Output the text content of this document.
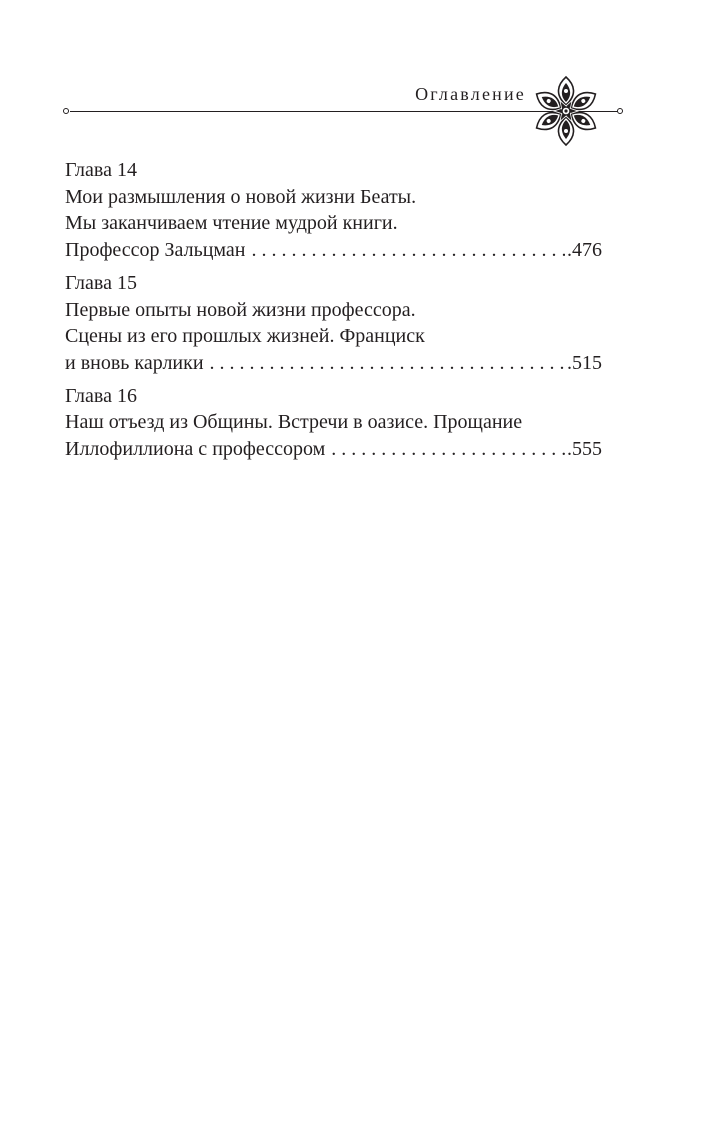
Оглавление
Глава 14
Мои размышления о новой жизни Беаты.
Мы заканчиваем чтение мудрой книги.
Профессор Зальцман . . .	.476
Глава 15
Первые опыты новой жизни профессора.
Сцены из его прошлых жизней. Франциск
и вновь карлики . . .	.515
Глава 16
Наш отъезд из Общины. Встречи в оазисе. Прощание
Иллофиллиона с профессором . . .	.555
